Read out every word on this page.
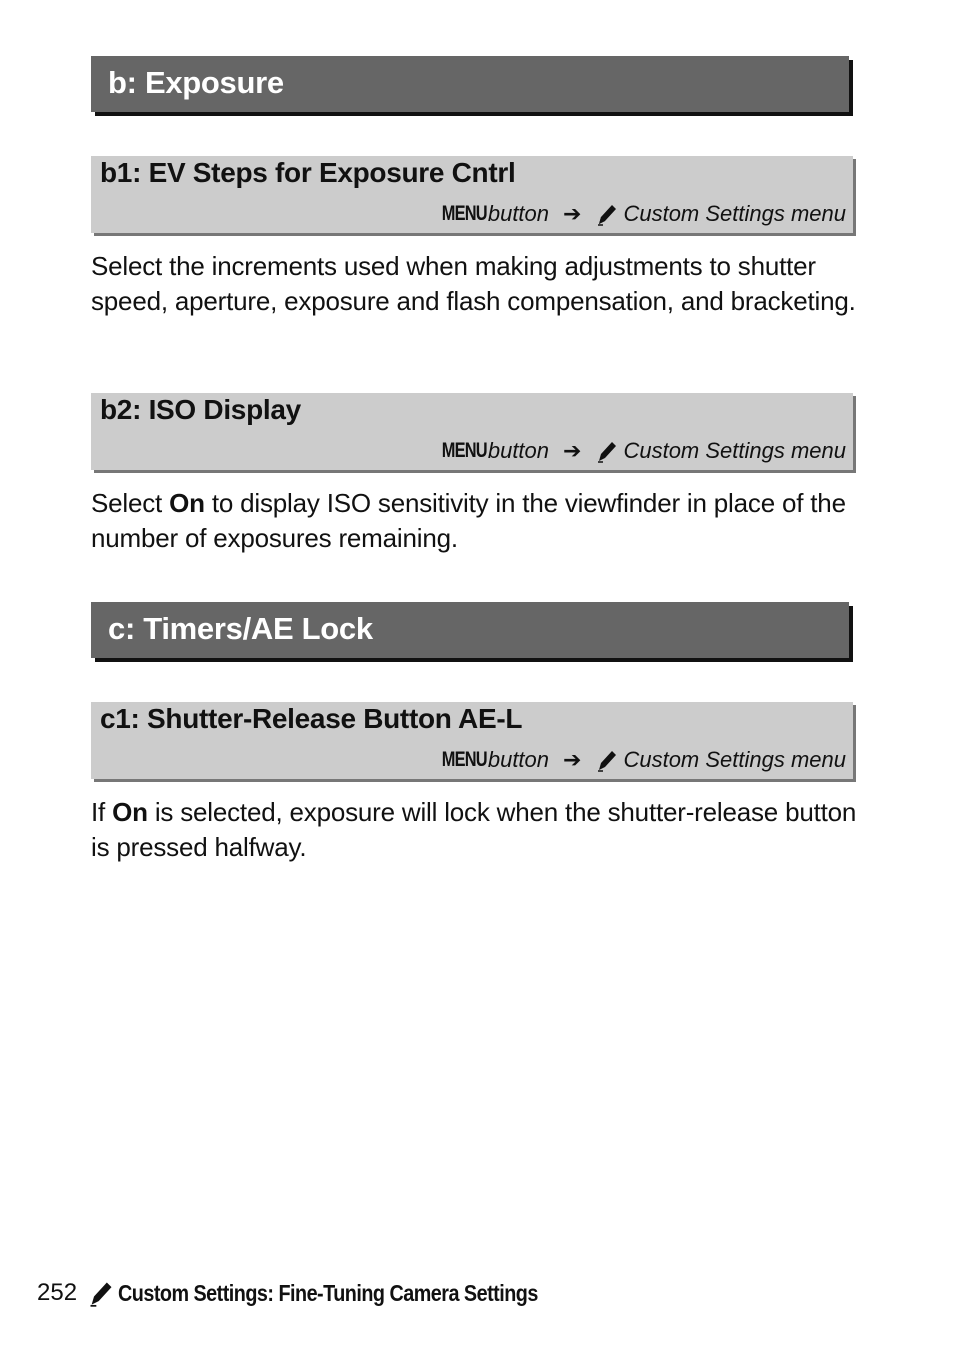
b: Exposure
b1: EV Steps for Exposure Cntrl
MENU button ➔ Custom Settings menu

Select the increments used when making adjustments to shutter speed, aperture, exposure and flash compensation, and bracketing.

b2: ISO Display
MENU button ➔ Custom Settings menu

Select On to display ISO sensitivity in the viewfinder in place of the number of exposures remaining.

c: Timers/AE Lock
c1: Shutter-Release Button AE-L
MENU button ➔ Custom Settings menu

If On is selected, exposure will lock when the shutter-release button is pressed halfway.

252 Custom Settings: Fine-Tuning Camera Settings
